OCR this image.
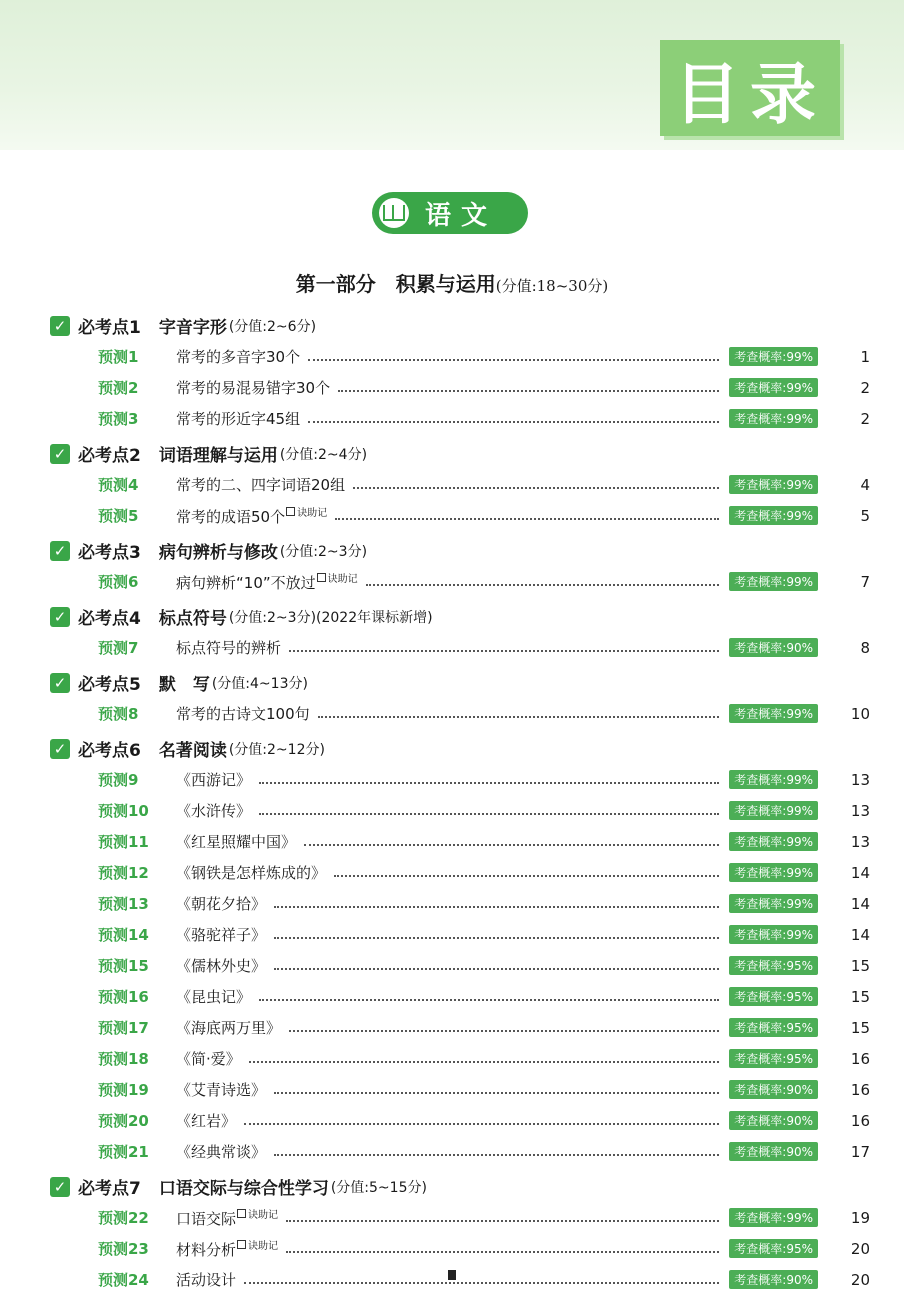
目录
语文
第一部分　积累与运用(分值:18~30分)
✓ 必考点1 字音字形 (分值:2~6分)
预测1	常考的多音字30个	考查概率:99%	1
预测2	常考的易混易错字30个	考查概率:99%	2
预测3	常考的形近字45组	考查概率:99%	2
✓ 必考点2 词语理解与运用 (分值:2~4分)
预测4	常考的二、四字词语20组	考查概率:99%	4
预测5	常考的成语50个 $^{诀助记}$	考查概率:99%	5
✓ 必考点3 病句辨析与修改 (分值:2~3分)
预测6	病句辨析“10”不放过 $^{诀助记}$	考查概率:99%	7
✓ 必考点4 标点符号 (分值:2~3分)(2022年课标新增)
预测7	标点符号的辨析	考查概率:90%	8
✓ 必考点5 默　写 (分值:4~13分)
预测8	常考的古诗文100句	考查概率:99%	10
✓ 必考点6 名著阅读 (分值:2~12分)
预测9	《西游记》	考查概率:99%	13
预测10	《水浒传》	考查概率:99%	13
预测11	《红星照耀中国》	考查概率:99%	13
预测12	《钢铁是怎样炼成的》	考查概率:99%	14
预测13	《朝花夕拾》	考查概率:99%	14
预测14	《骆驼祥子》	考查概率:99%	14
预测15	《儒林外史》	考查概率:95%	15
预测16	《昆虫记》	考查概率:95%	15
预测17	《海底两万里》	考查概率:95%	15
预测18	《简·爱》	考查概率:95%	16
预测19	《艾青诗选》	考查概率:90%	16
预测20	《红岩》	考查概率:90%	16
预测21	《经典常谈》	考查概率:90%	17
✓ 必考点7 口语交际与综合性学习 (分值:5~15分)
预测22	口语交际 $^{诀助记}$	考查概率:99%	19
预测23	材料分析 $^{诀助记}$	考查概率:95%	20
预测24	活动设计	考查概率:90%	20
